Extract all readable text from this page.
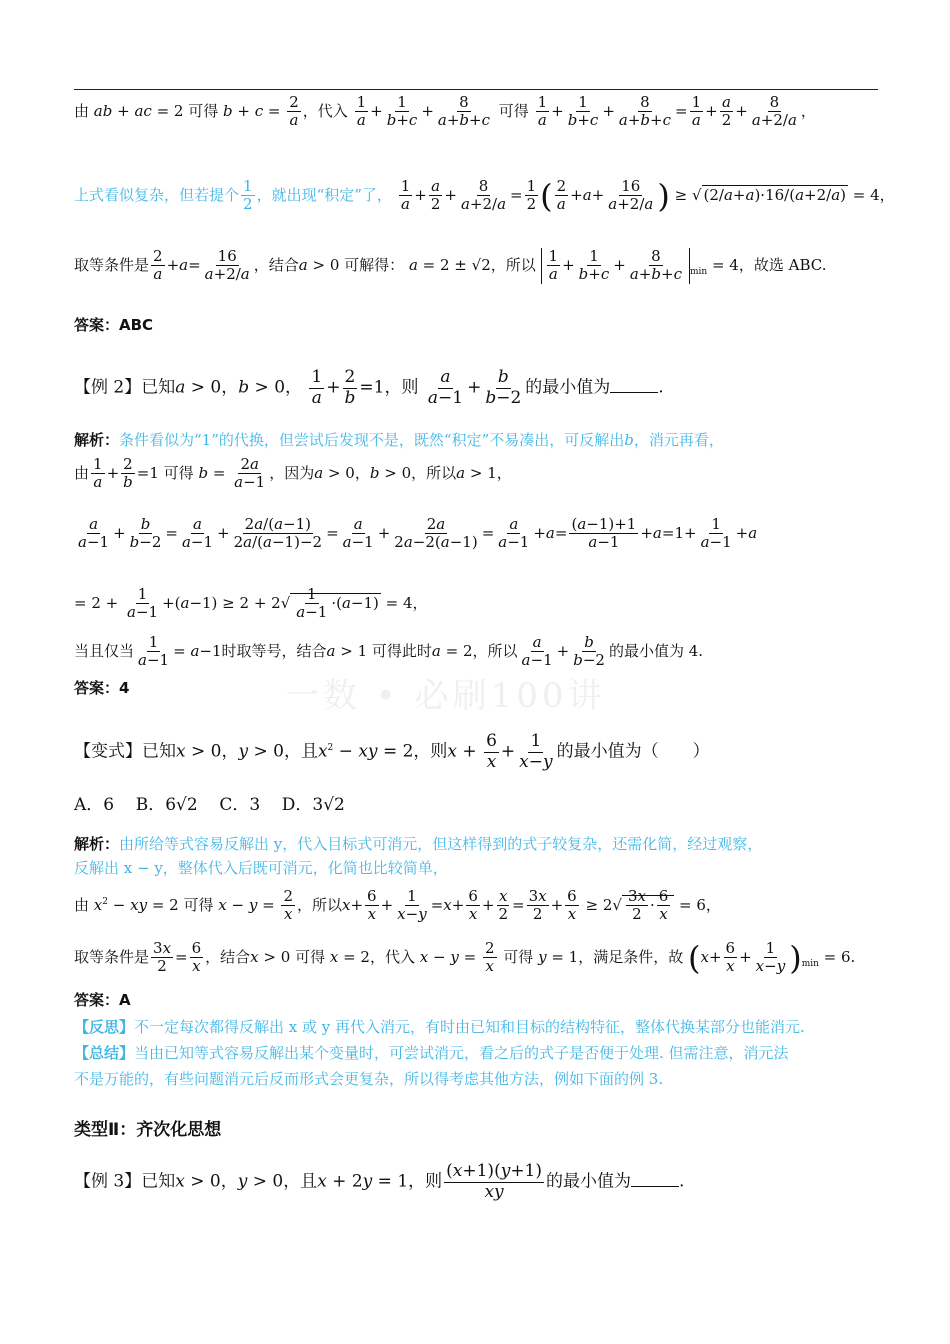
一数 • 必刷100讲
由 ab + ac = 2 可得 $b + c = \frac{2}{a}$ ，代入 $\frac{1}{a} + \frac{1}{b+c} + \frac{8}{a+b+c}$ 可得 $\frac{1}{a} + \frac{1}{b+c} + \frac{8}{a+b+c} = \frac{1}{a} + \frac{a}{2} + \frac{8}{a+2/a}$ ，
上式看似复杂，但若提个 $\frac{1}{2}$ ，就出现“积定”了， $\frac{1}{a} + \frac{a}{2} + \frac{8}{a+2/a} = \frac{1}{2}$ ( $\frac{2}{a} +a+ \frac{16}{a+2/a}$ ) ≥ √ (2/a+a)·16/(a+2/a) = 4，
取等条件是 $\frac{2}{a} +a= \frac{16}{a+2/a}$ ，结合a > 0 可解得： a = 2 ± √2，所以 $\frac{1}{a} + \frac{1}{b+c} + \frac{8}{a+b+c} _{min} = 4$，故选 ABC.
答案：ABC
【例 2】已知a > 0，b > 0， $\frac{1}{a} + \frac{2}{b} =1$，则 $\frac{a}{a-1} + \frac{b}{b-2}$ 的最小值为	.
解析：条件看似为“1”的代换，但尝试后发现不是，既然“积定”不易凑出，可反解出b，消元再看，
由 $\frac{1}{a} + \frac{2}{b} =1$ 可得 $b = \frac{2a}{a-1}$ ，因为a > 0，b > 0，所以a > 1，
$\frac{a}{a-1} + \frac{b}{b-2} = \frac{a}{a-1} + \frac{2a/(a-1)}{2a/(a-1)-2} = \frac{a}{a-1} + \frac{2a}{2a-2(a-1)} = \frac{a}{a-1} +a= \frac{(a-1)+1}{a-1} +a=1+ \frac{1}{a-1} +a$
= $2 + \frac{1}{a-1} +(a-1) \ge 2 + 2√ \frac{1}{a-1} \cdot(a-1) = 4$，
当且仅当 $\frac{1}{a-1} = a-1$时取等号，结合a > 1 可得此时a = 2，所以 $\frac{a}{a-1} + \frac{b}{b-2}$ 的最小值为 4.
答案：4
【变式】已知x > 0，y > 0，且$x^2$ − xy = 2，则$x + \frac{6}{x} + \frac{1}{x-y}$ 的最小值为（　　）
A．6 B．6√2 C．3 D．3√2
解析：由所给等式容易反解出 y，代入目标式可消元，但这样得到的式子较复杂，还需化简，经过观察，
反解出 x − y，整体代入后既可消元，化简也比较简单，
由 $x^2$ − xy = 2 可得 $x - y = \frac{2}{x}$ ，所以$x+ \frac{6}{x} + \frac{1}{x-y} =x+ \frac{6}{x} + \frac{x}{2} = \frac{3x}{2} + \frac{6}{x} \ge 2√ \frac{3x}{2} \cdot \frac{6}{x} = 6$，
取等条件是 $\frac{3x}{2} = \frac{6}{x}$ ，结合x > 0 可得 x = 2，代入 $x - y = \frac{2}{x}$ 可得 y = 1，满足条件，故 $(x+ \frac{6}{x} + \frac{1}{x-y} )_{min} = 6$.
答案：A
【反思】不一定每次都得反解出 x 或 y 再代入消元，有时由已知和目标的结构特征，整体代换某部分也能消元.
【总结】当由已知等式容易反解出某个变量时，可尝试消元，看之后的式子是否便于处理. 但需注意，消元法
不是万能的，有些问题消元后反而形式会更复杂，所以得考虑其他方法，例如下面的例 3.
类型Ⅱ：齐次化思想
【例 3】已知x > 0，y > 0，且x + 2y = 1，则 $\frac{(x+1)(y+1)}{xy}$ 的最小值为	.
